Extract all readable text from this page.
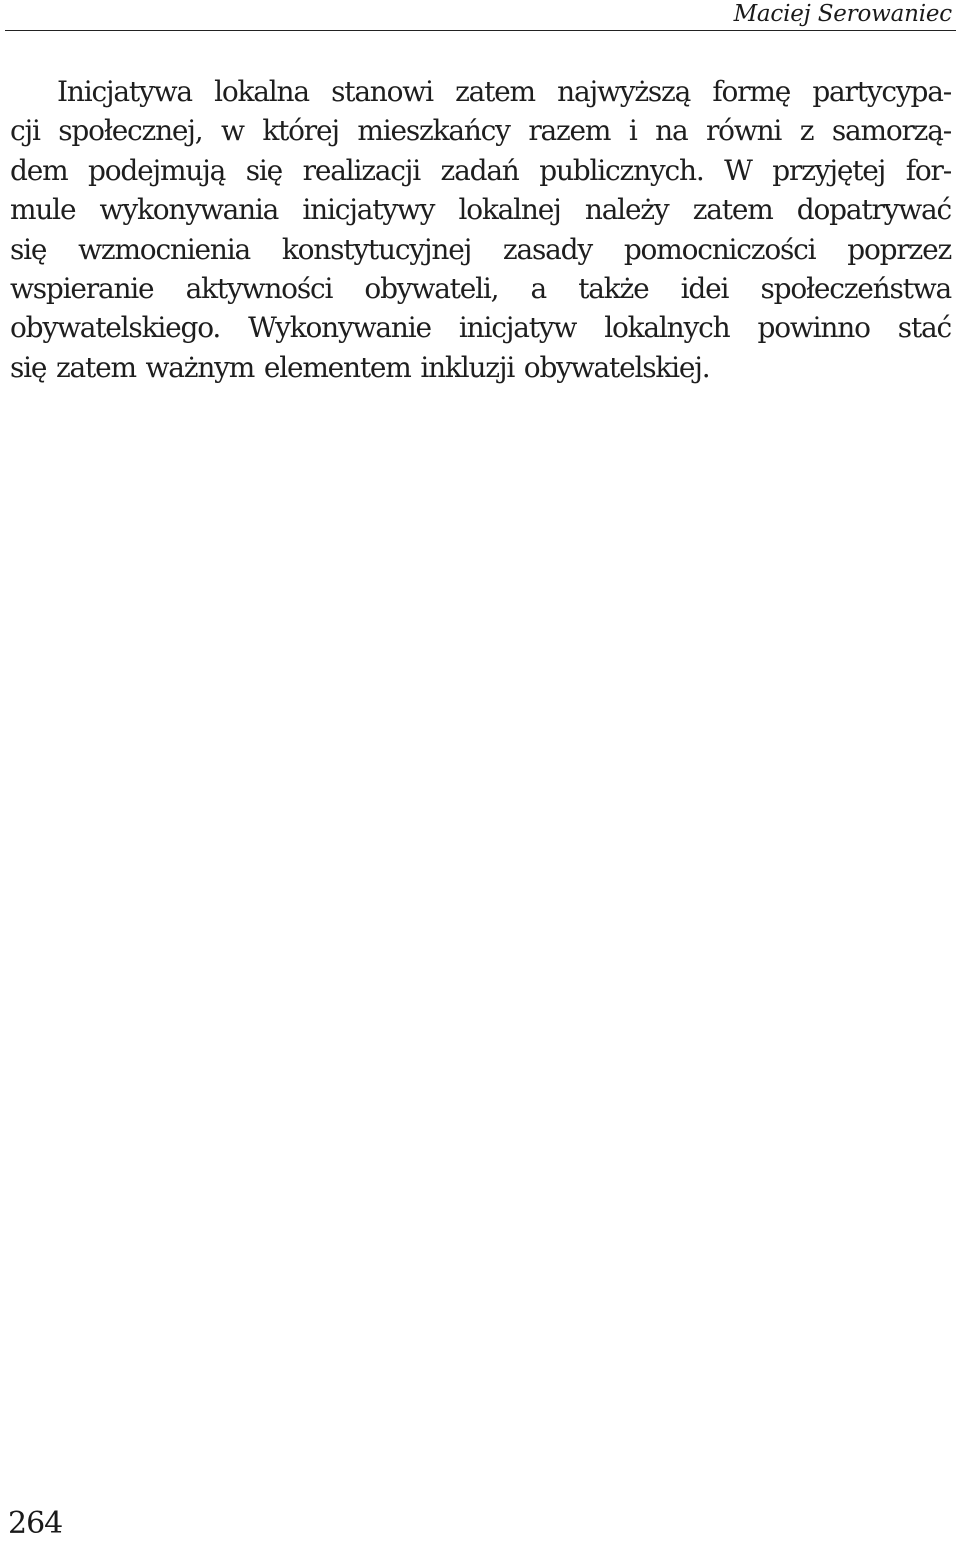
Maciej Serowaniec
Inicjatywa lokalna stanowi zatem najwyższą formę partycypa-
cji społecznej, w której mieszkańcy razem i na równi z samorzą-
dem podejmują się realizacji zadań publicznych. W przyjętej for-
mule wykonywania inicjatywy lokalnej należy zatem dopatrywać
się wzmocnienia konstytucyjnej zasady pomocniczości poprzez
wspieranie aktywności obywateli, a także idei społeczeństwa
obywatelskiego. Wykonywanie inicjatyw lokalnych powinno stać
się zatem ważnym elementem inkluzji obywatelskiej.
264
